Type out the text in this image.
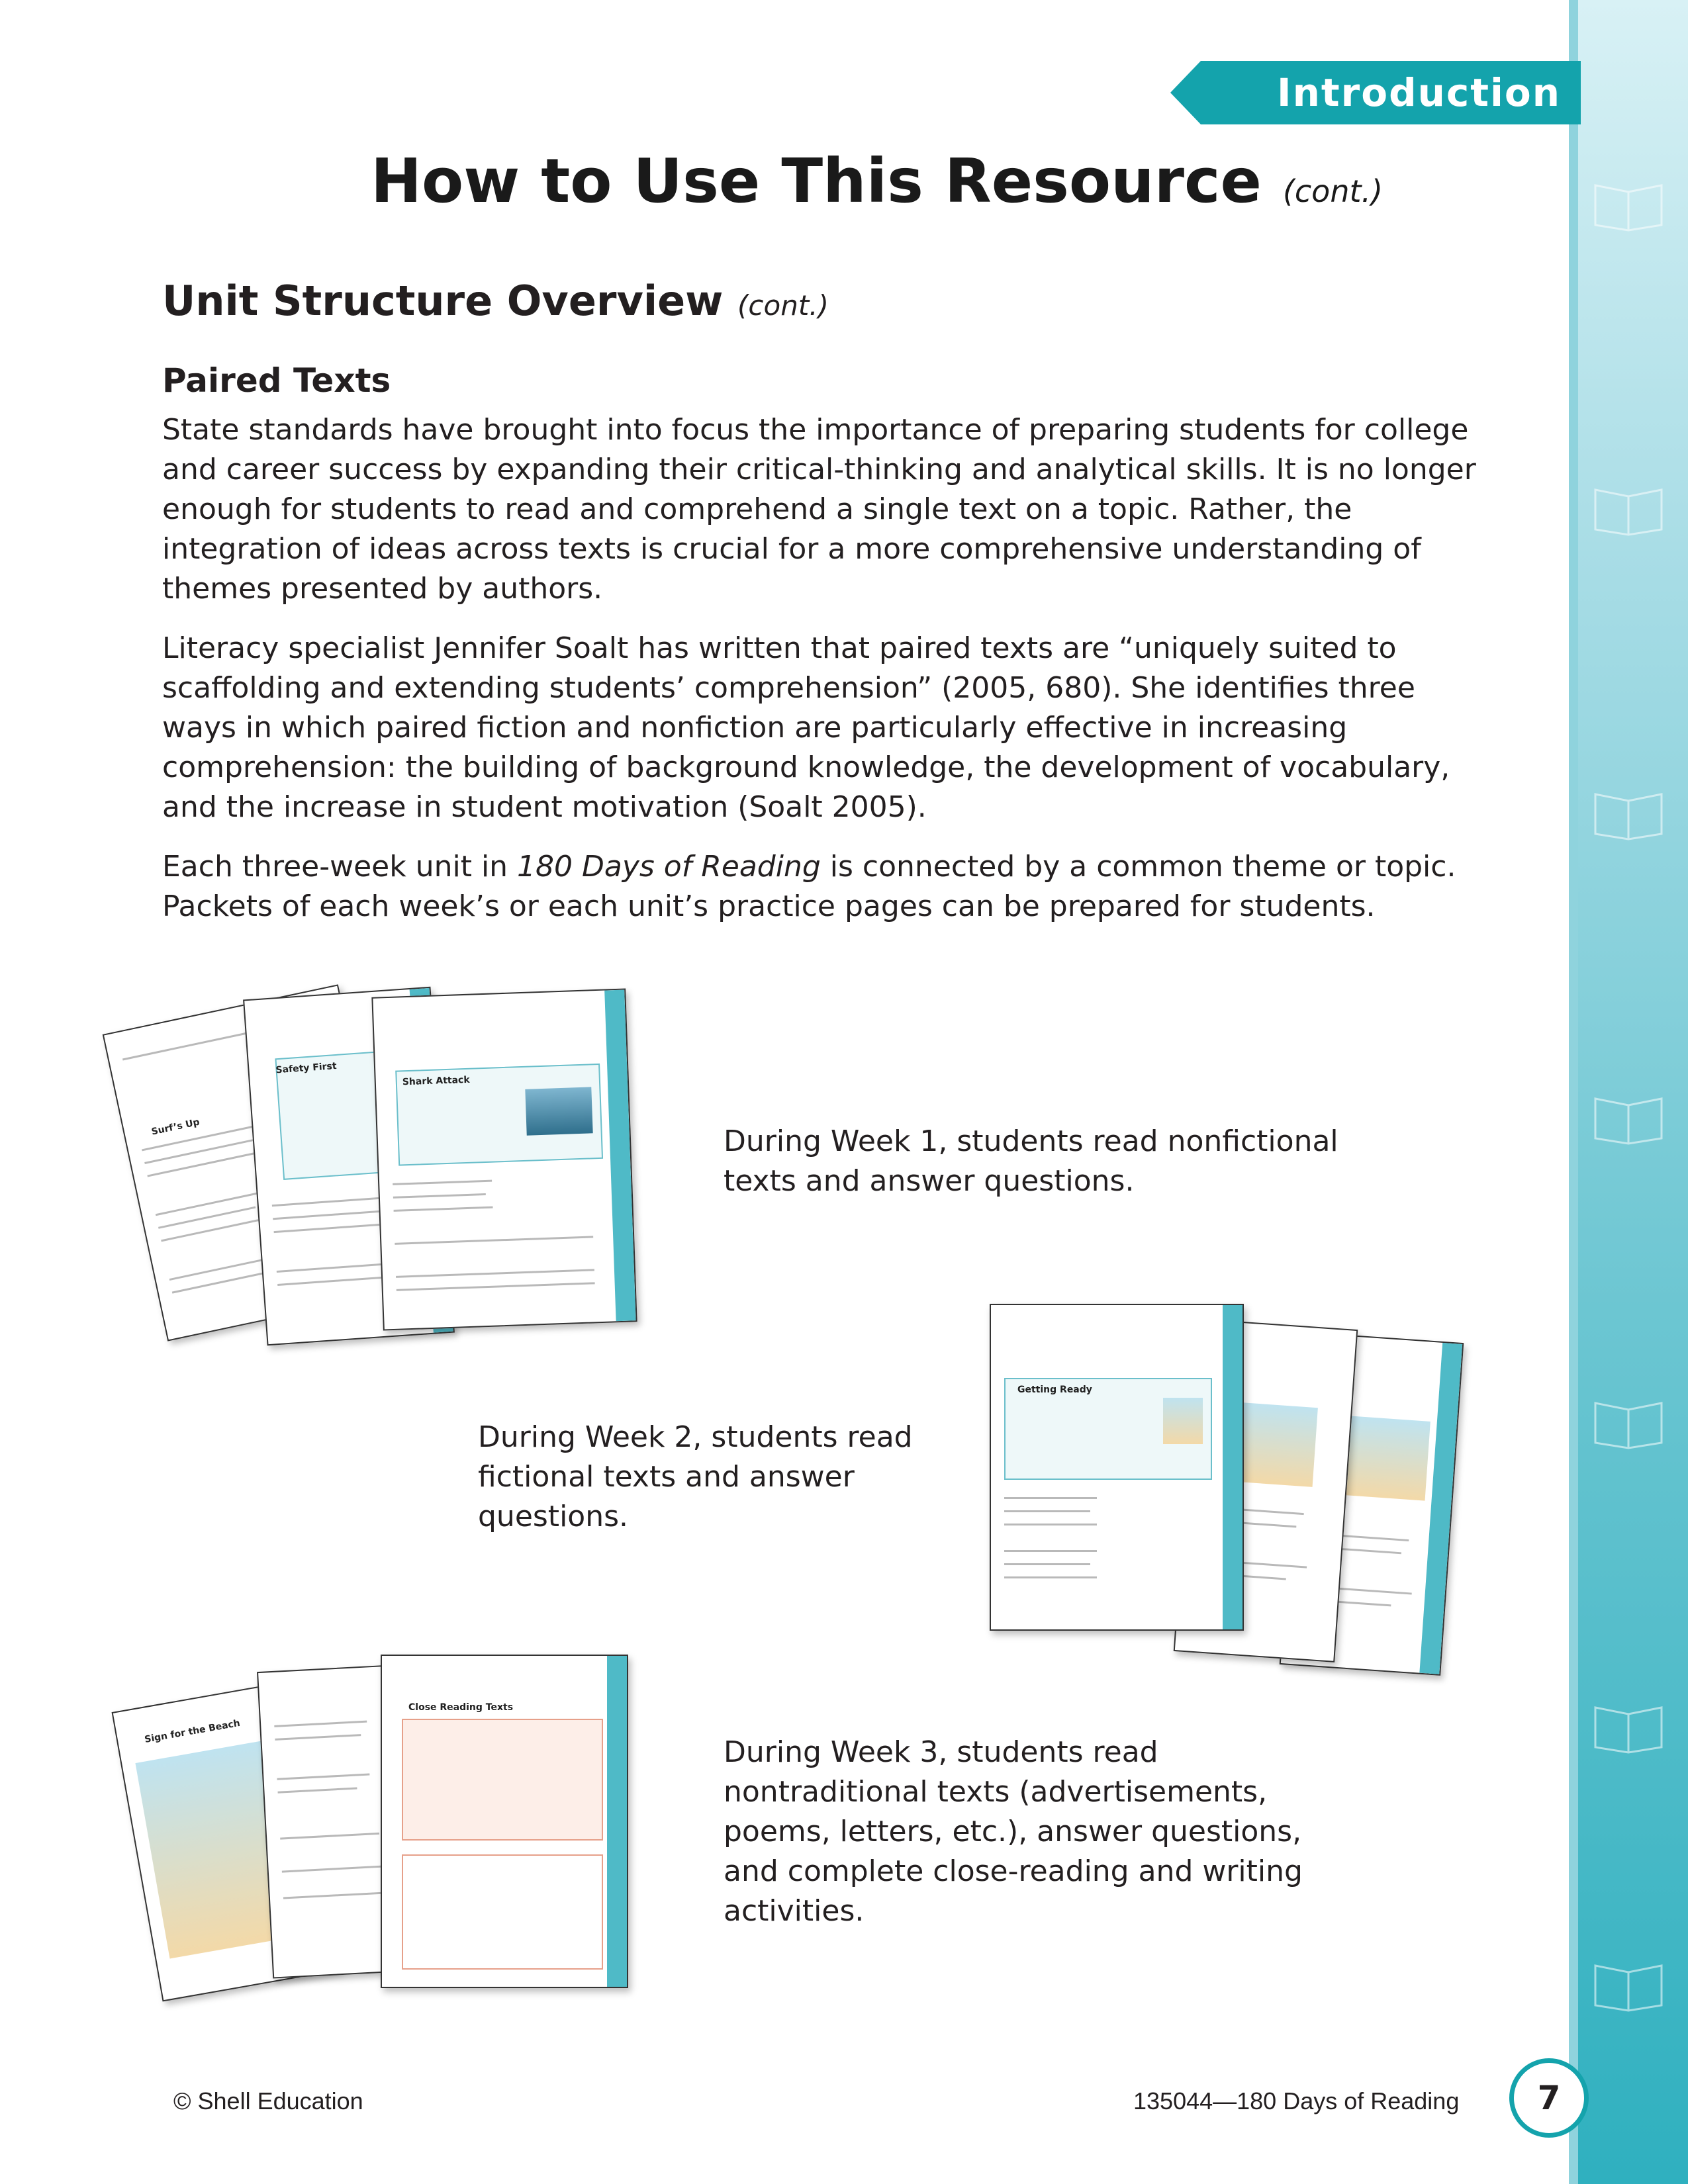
Introduction
How to Use This Resource (cont.)
Unit Structure Overview (cont.)
Paired Texts

State standards have brought into focus the importance of preparing students for college and career success by expanding their critical-thinking and analytical skills. It is no longer enough for students to read and comprehend a single text on a topic. Rather, the integration of ideas across texts is crucial for a more comprehensive understanding of themes presented by authors.

Literacy specialist Jennifer Soalt has written that paired texts are “uniquely suited to scaffolding and extending students’ comprehension” (2005, 680). She identifies three ways in which paired fiction and nonfiction are particularly effective in increasing comprehension: the building of background knowledge, the development of vocabulary, and the increase in student motivation (Soalt 2005).

Each three-week unit in 180 Days of Reading is connected by a common theme or topic. Packets of each week’s or each unit’s practice pages can be prepared for students.

Surf’s Up
Safety First
Shark Attack
Getting Ready
Sign for the Beach
Close Reading Texts

During Week 1, students read nonfictional texts and answer questions.

During Week 2, students read fictional texts and answer questions.

During Week 3, students read nontraditional texts (advertisements, poems, letters, etc.), answer questions, and complete close-reading and writing activities.

© Shell Education	135044—180 Days of Reading	7
